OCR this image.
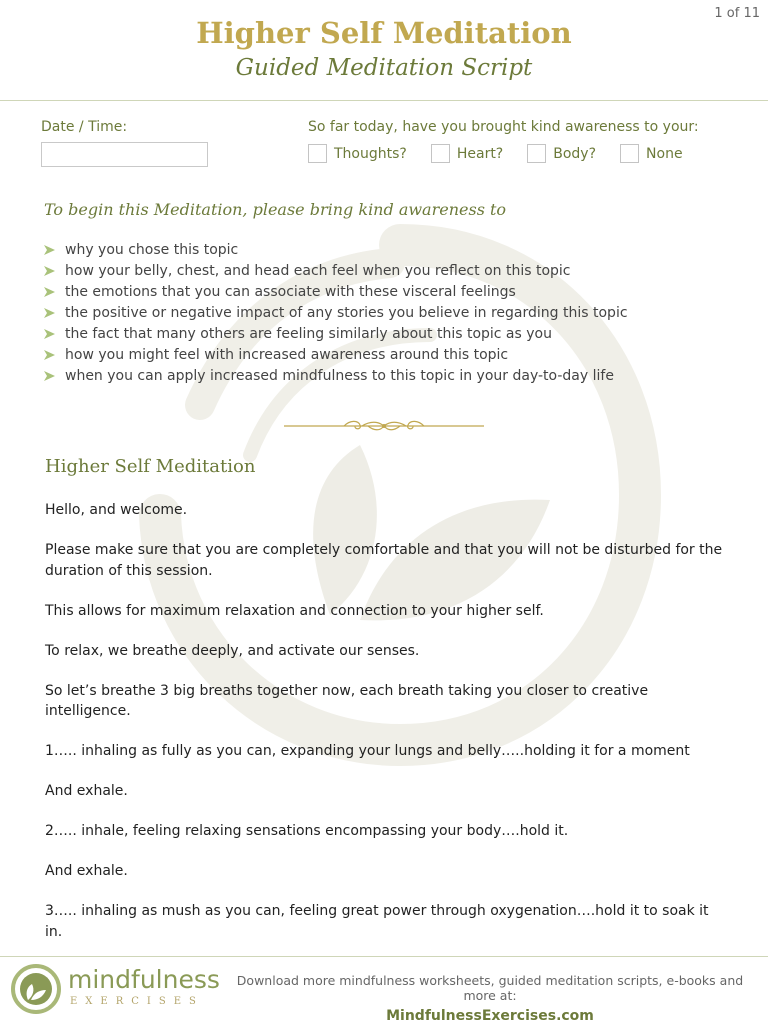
1 of 11
Higher Self Meditation
Guided Meditation Script
Date / Time:	So far today, have you brought kind awareness to your:
Thoughts?	Heart?	Body?	None
To begin this Meditation, please bring kind awareness to
why you chose this topic
how your belly, chest, and head each feel when you reflect on this topic
the emotions that you can associate with these visceral feelings
the positive or negative impact of any stories you believe in regarding this topic
the fact that many others are feeling similarly about this topic as you
how you might feel with increased awareness around this topic
when you can apply increased mindfulness to this topic in your day-to-day life
Higher Self Meditation

Hello, and welcome.

Please make sure that you are completely comfortable and that you will not be disturbed for the duration of this session.

This allows for maximum relaxation and connection to your higher self.

To relax, we breathe deeply, and activate our senses.

So let’s breathe 3 big breaths together now, each breath taking you closer to creative intelligence.

1….. inhaling as fully as you can, expanding your lungs and belly…..holding it for a moment

And exhale.

2….. inhale, feeling relaxing sensations encompassing your body….hold it.

And exhale.

3….. inhaling as mush as you can, feeling great power through oxygenation….hold it to soak it in.

mindfulness
EXERCISES
Download more mindfulness worksheets, guided meditation scripts, e-books and more at:
MindfulnessExercises.com
